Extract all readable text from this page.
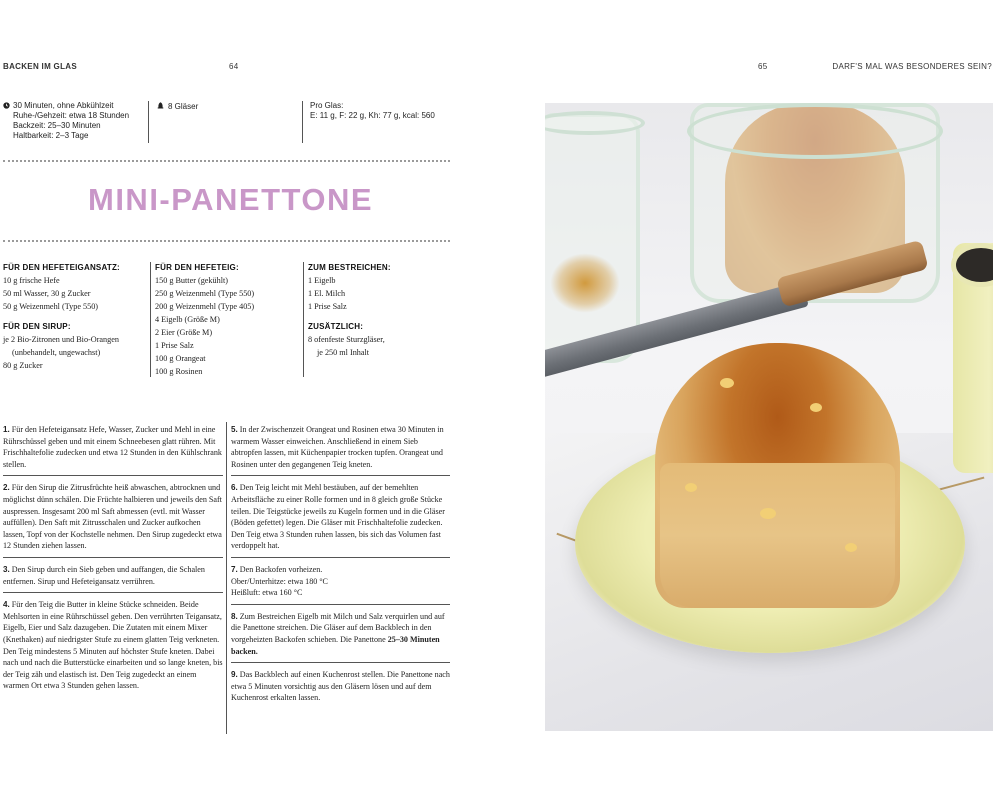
BACKEN IM GLAS	64	65	DARF'S MAL WAS BESONDERES SEIN?
30 Minuten, ohne Abkühlzeit
Ruhe-/Gehzeit: etwa 18 Stunden
Backzeit: 25–30 Minuten
Haltbarkeit: 2–3 Tage
8 Gläser	Pro Glas:
E: 11 g, F: 22 g, Kh: 77 g, kcal: 560
MINI-PANETTONE
FÜR DEN HEFETEIGANSATZ:
10 g frische Hefe
50 ml Wasser, 30 g Zucker
50 g Weizenmehl (Type 550)
FÜR DEN SIRUP:
je 2 Bio-Zitronen und Bio-Orangen
(unbehandelt, ungewachst)
80 g Zucker
FÜR DEN HEFETEIG:
150 g Butter (gekühlt)
250 g Weizenmehl (Type 550)
200 g Weizenmehl (Type 405)
4 Eigelb (Größe M)
2 Eier (Größe M)
1 Prise Salz
100 g Orangeat
100 g Rosinen
ZUM BESTREICHEN:
1 Eigelb
1 El. Milch
1 Prise Salz
ZUSÄTZLICH:
8 ofenfeste Sturzgläser,
je 250 ml Inhalt
1. Für den Hefeteigansatz Hefe, Wasser, Zucker und Mehl in eine Rührschüssel geben und mit einem Schneebesen glatt rühren. Mit Frischhaltefolie zudecken und etwa 12 Stunden in den Kühlschrank stellen.
2. Für den Sirup die Zitrusfrüchte heiß abwaschen, abtrocknen und möglichst dünn schälen. Die Früchte halbieren und jeweils den Saft auspressen. Insgesamt 200 ml Saft abmessen (evtl. mit Wasser auffüllen). Den Saft mit Zitrusschalen und Zucker aufkochen lassen, Topf von der Kochstelle nehmen. Den Sirup zugedeckt etwa 12 Stunden ziehen lassen.
3. Den Sirup durch ein Sieb geben und auffangen, die Schalen entfernen. Sirup und Hefeteigansatz verrühren.
4. Für den Teig die Butter in kleine Stücke schneiden. Beide Mehlsorten in eine Rührschüssel geben. Den verrührten Teigansatz, Eigelb, Eier und Salz dazugeben. Die Zutaten mit einem Mixer (Knethaken) auf niedrigster Stufe zu einem glatten Teig verkneten. Den Teig mindestens 5 Minuten auf höchster Stufe kneten. Dabei nach und nach die Butterstücke einarbeiten und so lange kneten, bis der Teig zäh und elastisch ist. Den Teig zugedeckt an einem warmen Ort etwa 3 Stunden gehen lassen.
5. In der Zwischenzeit Orangeat und Rosinen etwa 30 Minuten in warmem Wasser einweichen. Anschließend in einem Sieb abtropfen lassen, mit Küchenpapier trocken tupfen. Orangeat und Rosinen unter den gegangenen Teig kneten.
6. Den Teig leicht mit Mehl bestäuben, auf der bemehlten Arbeitsfläche zu einer Rolle formen und in 8 gleich große Stücke teilen. Die Teigstücke jeweils zu Kugeln formen und in die Gläser (Böden gefettet) legen. Die Gläser mit Frischhaltefolie zudecken. Den Teig etwa 3 Stunden ruhen lassen, bis sich das Volumen fast verdoppelt hat.
7. Den Backofen vorheizen.
Ober/Unterhitze: etwa 180 °C
Heißluft: etwa 160 °C
8. Zum Bestreichen Eigelb mit Milch und Salz verquirlen und auf die Panettone streichen. Die Gläser auf dem Backblech in den vorgeheizten Backofen schieben. Die Panettone 25–30 Minuten backen.
9. Das Backblech auf einen Kuchenrost stellen. Die Panettone nach etwa 5 Minuten vorsichtig aus den Gläsern lösen und auf dem Kuchenrost erkalten lassen.
